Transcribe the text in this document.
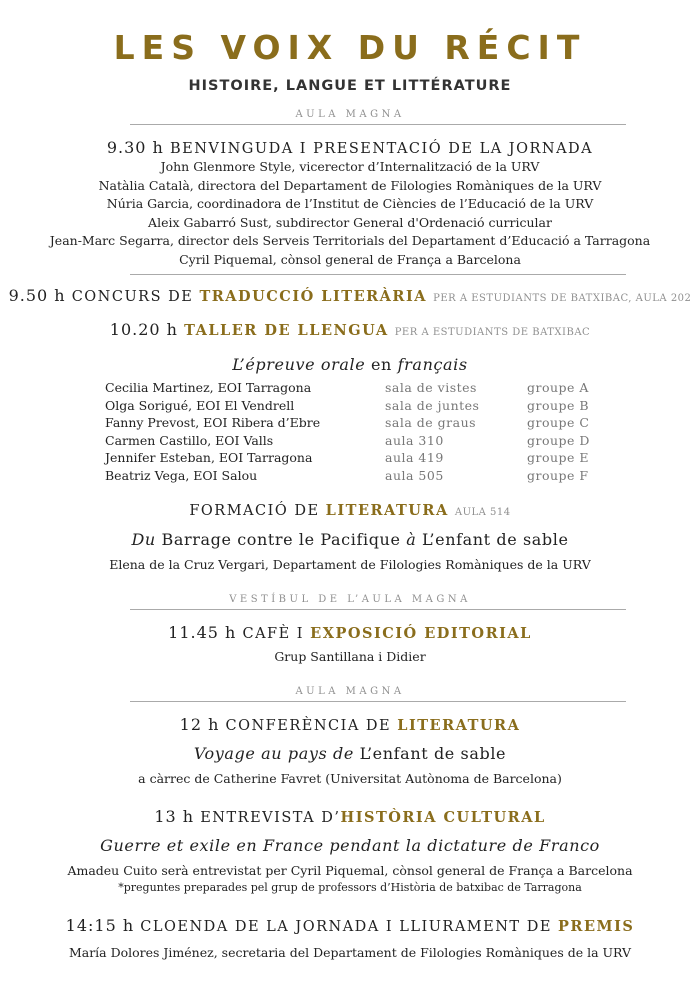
LES VOIX DU RÉCIT
HISTOIRE, LANGUE ET LITTÉRATURE
AULA MAGNA
9.30 h BENVINGUDA I PRESENTACIÓ DE LA JORNADA
John Glenmore Style, vicerector d’Internalització de la URV
Natàlia Català, directora del Departament de Filologies Romàniques de la URV
Núria Garcia, coordinadora de l’Institut de Ciències de l’Educació de la URV
Aleix Gabarró Sust, subdirector General d'Ordenació curricular
Jean-Marc Segarra, director dels Serveis Territorials del Departament d’Educació a Tarragona
Cyril Piquemal, cònsol general de França a Barcelona
9.50 h CONCURS DE TRADUCCIÓ LITERÀRIA PER A ESTUDIANTS DE BATXIBAC, AULA 202
10.20 h TALLER DE LLENGUA PER A ESTUDIANTS DE BATXIBAC
L’épreuve orale en français
Cecilia Martinez, EOI Tarragona	sala de vistes	groupe A
Olga Sorigué, EOI El Vendrell	sala de juntes	groupe B
Fanny Prevost, EOI Ribera d’Ebre	sala de graus	groupe C
Carmen Castillo, EOI Valls	aula 310	groupe D
Jennifer Esteban, EOI Tarragona	aula 419	groupe E
Beatriz Vega, EOI Salou	aula 505	groupe F
FORMACIÓ DE LITERATURA AULA 514
Du Barrage contre le Pacifique à L’enfant de sable
Elena de la Cruz Vergari, Departament de Filologies Romàniques de la URV
VESTÍBUL DE L’AULA MAGNA
11.45 h CAFÈ I EXPOSICIÓ EDITORIAL
Grup Santillana i Didier
AULA MAGNA
12 h CONFERÈNCIA DE LITERATURA
Voyage au pays de L’enfant de sable
a càrrec de Catherine Favret (Universitat Autònoma de Barcelona)
13 h ENTREVISTA D’HISTÒRIA CULTURAL
Guerre et exile en France pendant la dictature de Franco
Amadeu Cuito serà entrevistat per Cyril Piquemal, cònsol general de França a Barcelona
*preguntes preparades pel grup de professors d’Història de batxibac de Tarragona
14:15 h CLOENDA DE LA JORNADA I LLIURAMENT DE PREMIS
María Dolores Jiménez, secretaria del Departament de Filologies Romàniques de la URV
